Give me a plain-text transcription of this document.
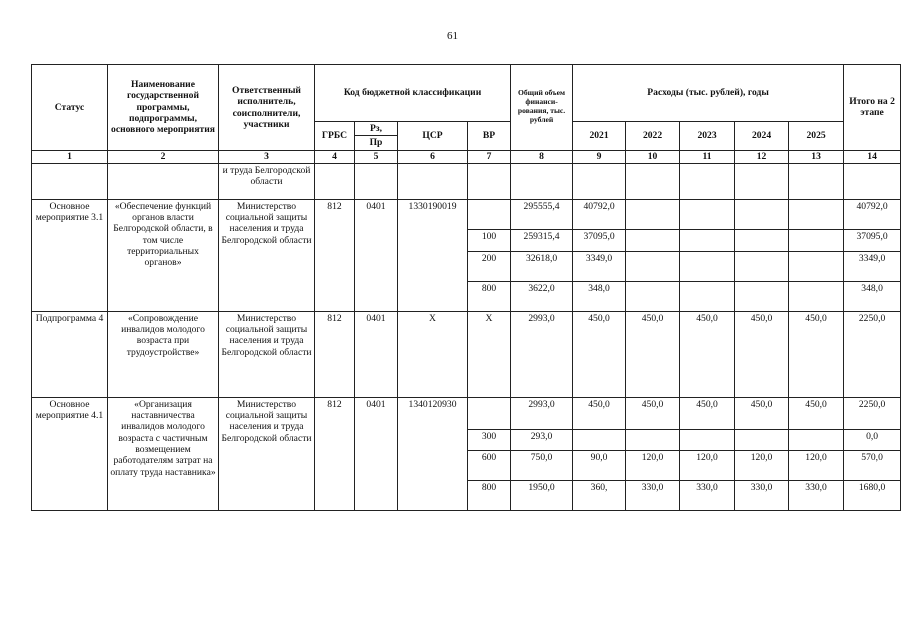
61
Статус	Наименование государственной программы, подпрограммы, основного мероприятия	Ответственный исполнитель, соисполнители, участники	Код бюджетной классификации				Общий объем финанси-рования, тыс. рублей	Расходы (тыс. рублей), годы					Итого на 2 этапе
			ГРБС	Рз,	ЦСР	ВР		2021	2022	2023	2024	2025	
				Пр									
1	2	3	4	5	6	7	8	9	10	11	12	13	14
		и труда Белгородской области											
Основное мероприятие 3.1	«Обеспечение функций органов власти Белгородской области, в том числе территориальных органов»	Министерство социальной защиты населения и труда Белгородской области	812	0401	1330190019		295555,4	40792,0					40792,0
						100	259315,4	37095,0					37095,0
						200	32618,0	3349,0					3349,0
						800	3622,0	348,0					348,0
Подпрограмма 4	«Сопровождение инвалидов молодого возраста при трудоустройстве»	Министерство социальной защиты населения и труда Белгородской области	812	0401	Х	Х	2993,0	450,0	450,0	450,0	450,0	450,0	2250,0
Основное мероприятие 4.1	«Организация наставничества инвалидов молодого возраста с частичным возмещением работодателям затрат на оплату труда наставника»	Министерство социальной защиты населения и труда Белгородской области	812	0401	1340120930		2993,0	450,0	450,0	450,0	450,0	450,0	2250,0
						300	293,0						0,0
						600	750,0	90,0	120,0	120,0	120,0	120,0	570,0
						800	1950,0	360,	330,0	330,0	330,0	330,0	1680,0
